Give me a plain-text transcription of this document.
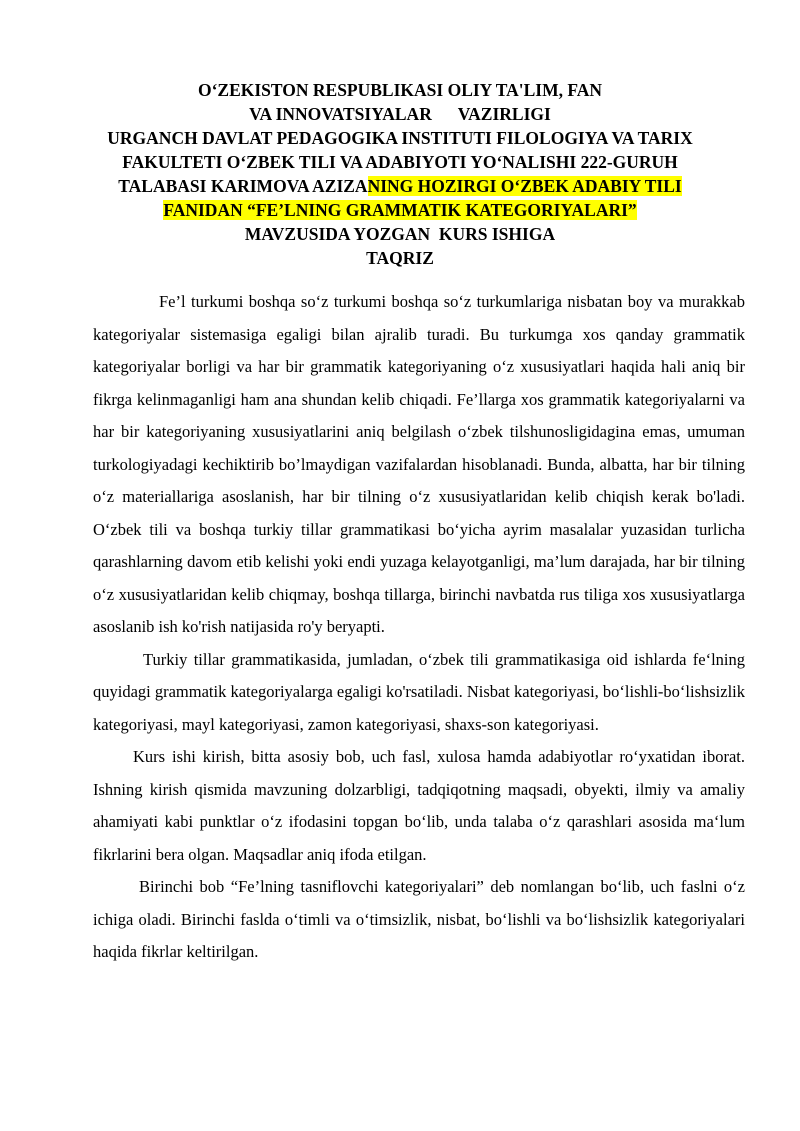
O‘ZEKISTON RESPUBLIKASI OLIY TA'LIM, FAN
VA INNOVATSIYALAR      VAZIRLIGI
URGANCH DAVLAT PEDAGOGIKA INSTITUTI FILOLOGIYA VA TARIX
FAKULTETI O‘ZBEK TILI VA ADABIYOTI YO‘NALISHI 222-GURUH
TALABASI KARIMOVA AZIZANING HOZIRGI O‘ZBEK ADABIY TILI
FANIDAN “FE’LNING GRAMMATIK KATEGORIYALARI”
MAVZUSIDA YOZGAN  KURS ISHIGA
TAQRIZ

Fe’l turkumi boshqa so‘z turkumi boshqa so‘z turkumlariga nisbatan boy va murakkab kategoriyalar sistemasiga egaligi bilan ajralib turadi. Bu turkumga xos qanday grammatik kategoriyalar borligi va har bir grammatik kategoriyaning o‘z xususiyatlari haqida hali aniq bir fikrga kelinmaganligi ham ana shundan kelib chiqadi. Fe’llarga xos grammatik kategoriyalarni va har bir kategoriyaning xususiyatlarini aniq belgilash o‘zbek tilshunosligidagina emas, umuman turkologiyadagi kechiktirib bo’lmaydigan vazifalardan hisoblanadi. Bunda, albatta, har bir tilning o‘z materiallariga asoslanish, har bir tilning o‘z xususiyatlaridan kelib chiqish kerak bo'ladi. O‘zbek tili va boshqa turkiy tillar grammatikasi bo‘yicha ayrim masalalar yuzasidan turlicha qarashlarning davom etib kelishi yoki endi yuzaga kelayotganligi, ma’lum darajada, har bir tilning o‘z xususiyatlaridan kelib chiqmay, boshqa tillarga, birinchi navbatda rus tiliga xos xususiyatlarga asoslanib ish ko'rish natijasida ro'y beryapti.

Turkiy tillar grammatikasida, jumladan, o‘zbek tili grammatikasiga oid ishlarda fe‘lning quyidagi grammatik kategoriyalarga egaligi ko'rsatiladi. Nisbat kategoriyasi, bo‘lishli-bo‘lishsizlik kategoriyasi, mayl kategoriyasi, zamon kategoriyasi, shaxs-son kategoriyasi.

Kurs ishi kirish, bitta asosiy bob, uch fasl, xulosa hamda adabiyotlar ro‘yxatidan iborat. Ishning kirish qismida mavzuning dolzarbligi, tadqiqotning maqsadi, obyekti, ilmiy va amaliy ahamiyati kabi punktlar o‘z ifodasini topgan bo‘lib, unda talaba o‘z qarashlari asosida ma‘lum fikrlarini bera olgan. Maqsadlar aniq ifoda etilgan.

Birinchi bob “Fe’lning tasniflovchi kategoriyalari” deb nomlangan bo‘lib, uch faslni o‘z ichiga oladi. Birinchi faslda o‘timli va o‘timsizlik, nisbat, bo‘lishli va bo‘lishsizlik kategoriyalari haqida fikrlar keltirilgan.
